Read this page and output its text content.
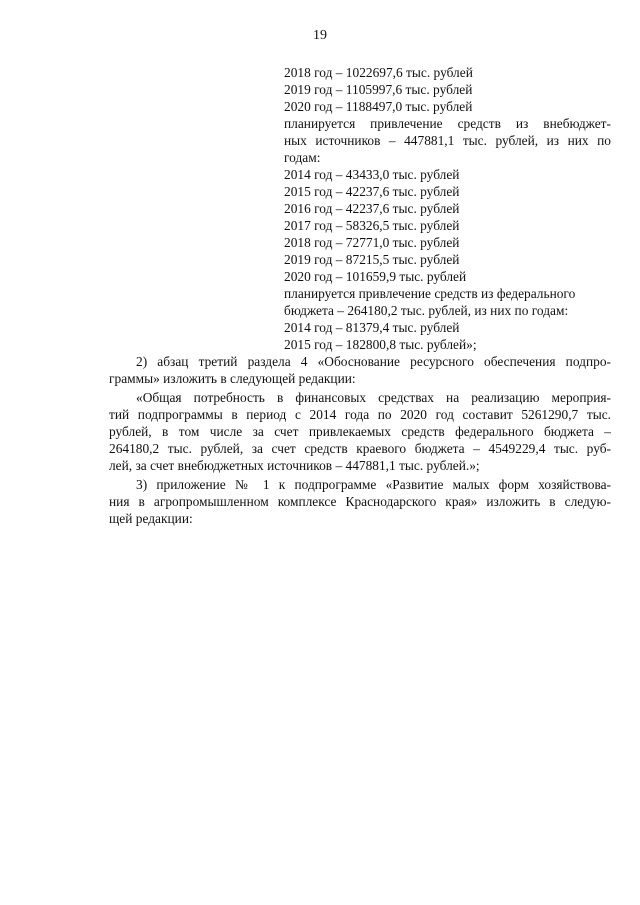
19
2018 год – 1022697,6 тыс. рублей
2019 год – 1105997,6 тыс. рублей
2020 год – 1188497,0 тыс. рублей
планируется привлечение средств из внебюджет-
ных источников – 447881,1 тыс. рублей, из них по
годам:
2014 год – 43433,0 тыс. рублей
2015 год – 42237,6 тыс. рублей
2016 год – 42237,6 тыс. рублей
2017 год – 58326,5 тыс. рублей
2018 год – 72771,0 тыс. рублей
2019 год – 87215,5 тыс. рублей
2020 год – 101659,9 тыс. рублей
планируется привлечение средств из федерального
бюджета – 264180,2 тыс. рублей, из них по годам:
2014 год – 81379,4 тыс. рублей
2015 год – 182800,8 тыс. рублей»;
2) абзац третий раздела 4 «Обоснование ресурсного обеспечения подпро-
граммы» изложить в следующей редакции:
«Общая потребность в финансовых средствах на реализацию мероприя-
тий подпрограммы в период с 2014 года по 2020 год составит 5261290,7 тыс.
рублей, в том числе за счет привлекаемых средств федерального бюджета –
264180,2 тыс. рублей, за счет средств краевого бюджета – 4549229,4 тыс. руб-
лей, за счет внебюджетных источников – 447881,1 тыс. рублей.»;
3) приложение № 1 к подпрограмме «Развитие малых форм хозяйствова-
ния в агропромышленном комплексе Краснодарского края» изложить в следую-
щей редакции:
